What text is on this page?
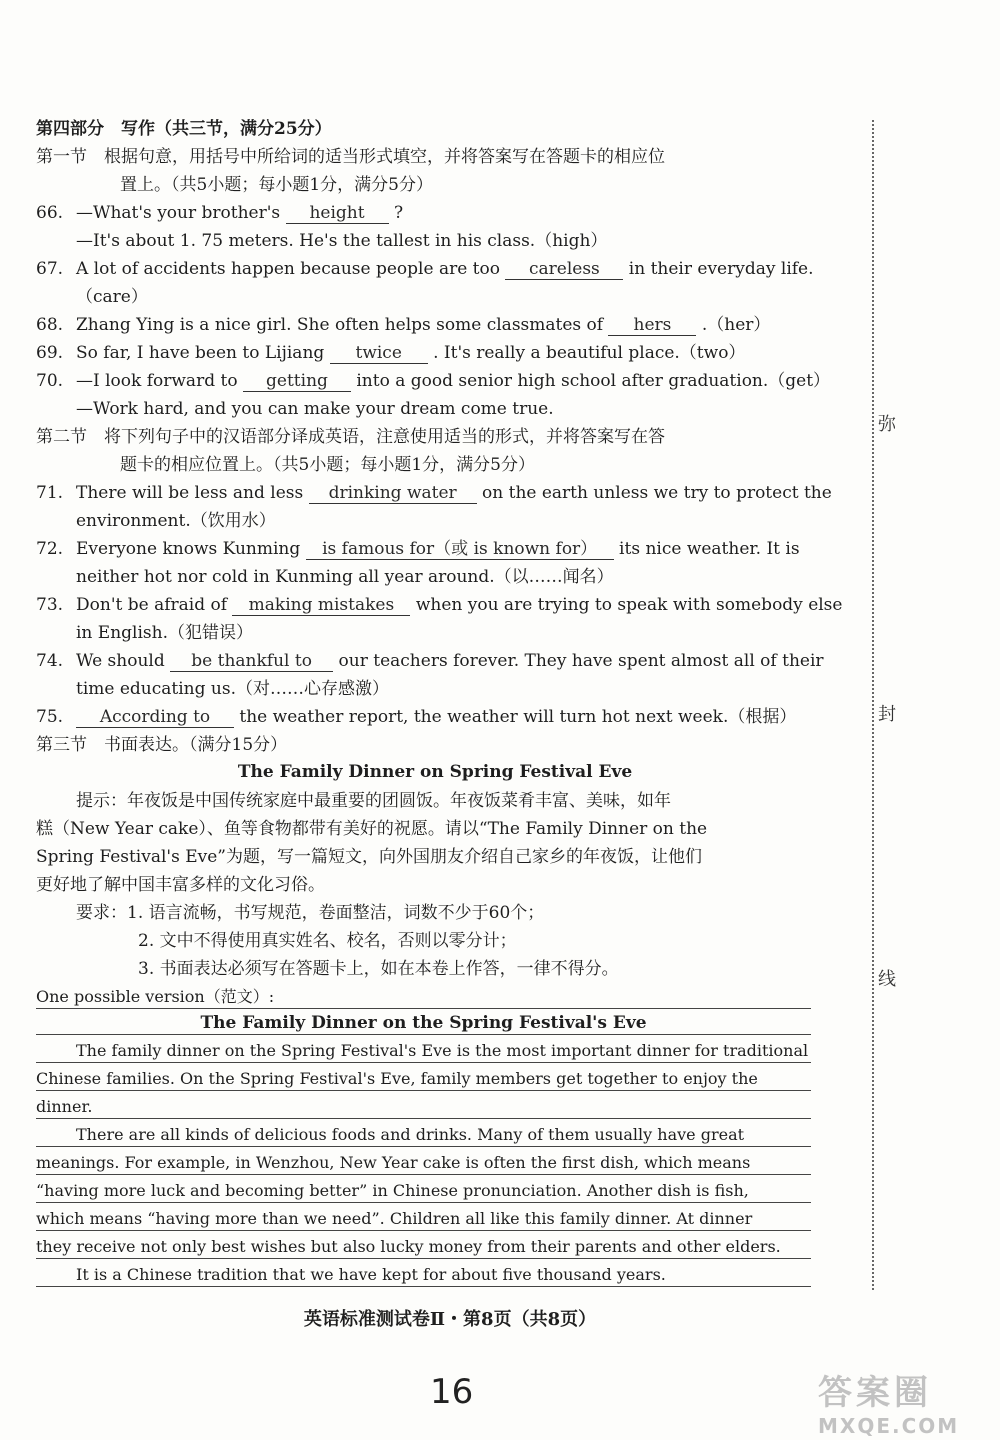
第四部分　写作（共三节，满分25分）
第一节　根据句意，用括号中所给词的适当形式填空，并将答案写在答题卡的相应位
置上。（共5小题；每小题1分，满分5分）
66. —What's your brother's height ?
—It's about 1. 75 meters. He's the tallest in his class.（high）
67. A lot of accidents happen because people are too careless in their everyday life.
（care）
68. Zhang Ying is a nice girl. She often helps some classmates of hers .（her）
69. So far, I have been to Lijiang twice . It's really a beautiful place.（two）
70. —I look forward to getting into a good senior high school after graduation.（get）
—Work hard, and you can make your dream come true.
第二节　将下列句子中的汉语部分译成英语，注意使用适当的形式，并将答案写在答
题卡的相应位置上。（共5小题；每小题1分，满分5分）
71. There will be less and less drinking water on the earth unless we try to protect the
environment.（饮用水）
72. Everyone knows Kunming is famous for（或 is known for） its nice weather. It is
neither hot nor cold in Kunming all year around.（以……闻名）
73. Don't be afraid of making mistakes when you are trying to speak with somebody else
in English.（犯错误）
74. We should be thankful to our teachers forever. They have spent almost all of their
time educating us.（对……心存感激）
75. According to the weather report, the weather will turn hot next week.（根据）
第三节　书面表达。（满分15分）
The Family Dinner on Spring Festival Eve
提示：年夜饭是中国传统家庭中最重要的团圆饭。年夜饭菜肴丰富、美味，如年
糕（New Year cake）、鱼等食物都带有美好的祝愿。请以“The Family Dinner on the
Spring Festival's Eve”为题，写一篇短文，向外国朋友介绍自己家乡的年夜饭，让他们
更好地了解中国丰富多样的文化习俗。
要求：1. 语言流畅，书写规范，卷面整洁，词数不少于60个；
2. 文中不得使用真实姓名、校名，否则以零分计；
3. 书面表达必须写在答题卡上，如在本卷上作答，一律不得分。
One possible version（范文）:
The Family Dinner on the Spring Festival's Eve
The family dinner on the Spring Festival's Eve is the most important dinner for traditional
Chinese families. On the Spring Festival's Eve, family members get together to enjoy the
dinner.
There are all kinds of delicious foods and drinks. Many of them usually have great
meanings. For example, in Wenzhou, New Year cake is often the first dish, which means
“having more luck and becoming better” in Chinese pronunciation. Another dish is fish,
which means “having more than we need”. Children all like this family dinner. At dinner
they receive not only best wishes but also lucky money from their parents and other elders.
It is a Chinese tradition that we have kept for about five thousand years.
弥
封
线
英语标准测试卷Ⅱ・第8页（共8页）
16	答案圈
MXQE.COM
